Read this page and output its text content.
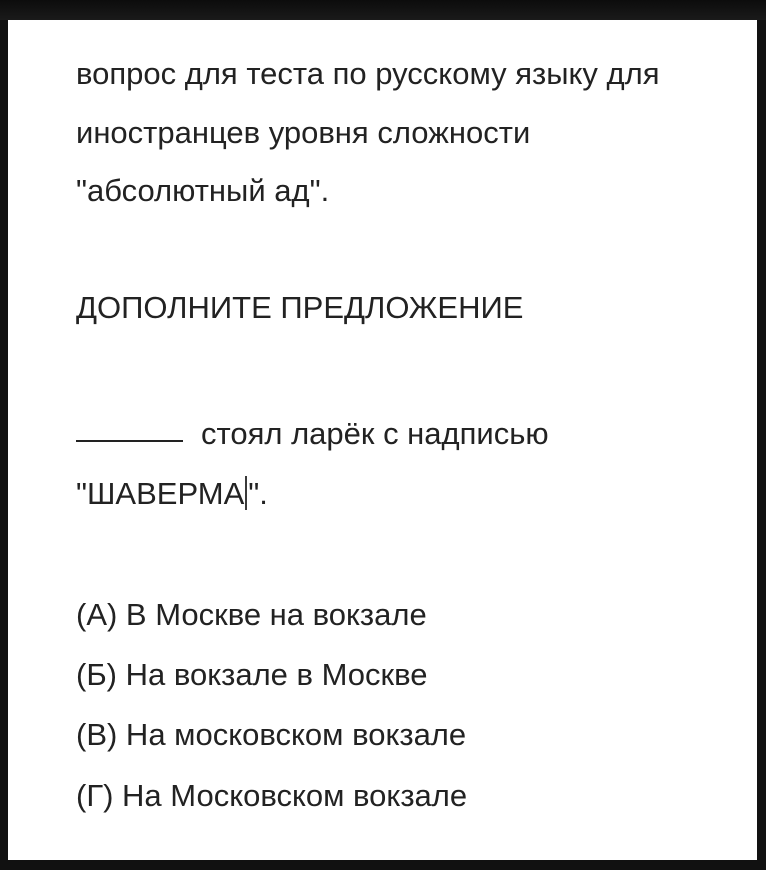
вопрос для теста по русскому языку для

иностранцев уровня сложности

"абсолютный ад".

ДОПОЛНИТЕ ПРЕДЛОЖЕНИЕ

стоял ларёк с надписью

"ШАВЕРМА ".

(А) В Москве на вокзале

(Б) На вокзале в Москве

(В) На московском вокзале

(Г) На Московском вокзале
